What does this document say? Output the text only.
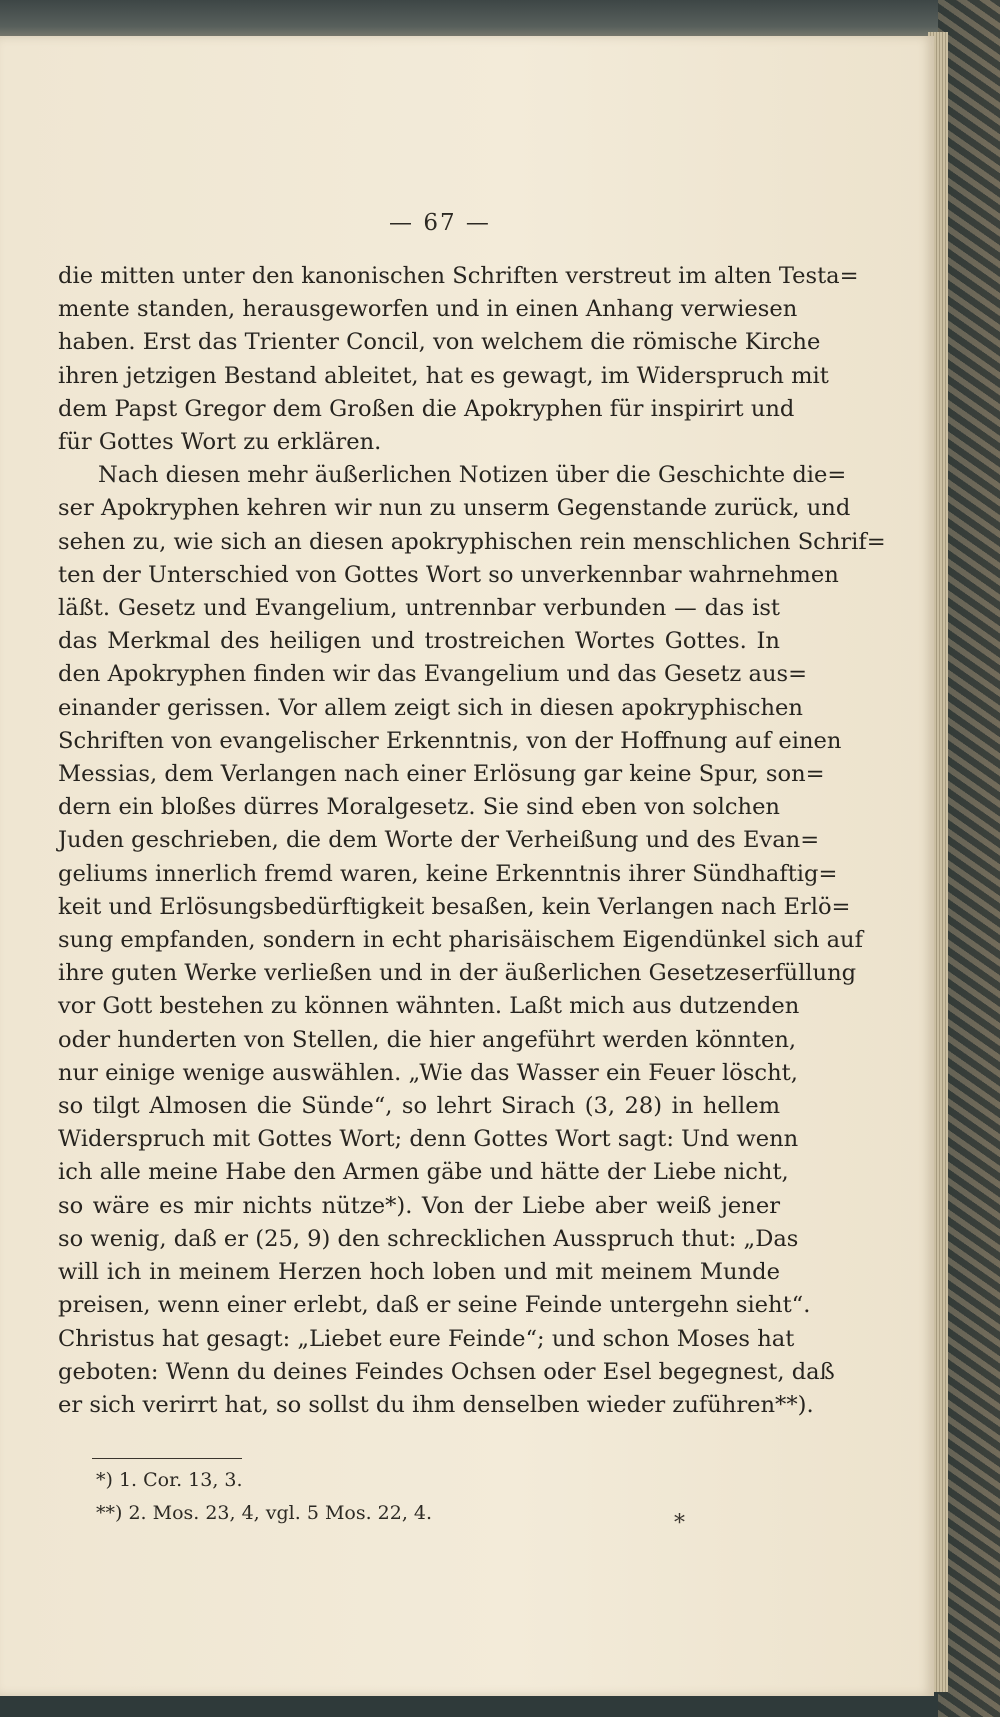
— 67 —
die mitten unter den kanonischen Schriften verstreut im alten Testa=
mente standen, herausgeworfen und in einen Anhang verwiesen
haben. Erst das Trienter Concil, von welchem die römische Kirche
ihren jetzigen Bestand ableitet, hat es gewagt, im Widerspruch mit
dem Papst Gregor dem Großen die Apokryphen für inspirirt und
für Gottes Wort zu erklären.
Nach diesen mehr äußerlichen Notizen über die Geschichte die=
ser Apokryphen kehren wir nun zu unserm Gegenstande zurück, und
sehen zu, wie sich an diesen apokryphischen rein menschlichen Schrif=
ten der Unterschied von Gottes Wort so unverkennbar wahrnehmen
läßt. Gesetz und Evangelium, untrennbar verbunden — das ist
das Merkmal des heiligen und trostreichen Wortes Gottes. In
den Apokryphen finden wir das Evangelium und das Gesetz aus=
einander gerissen. Vor allem zeigt sich in diesen apokryphischen
Schriften von evangelischer Erkenntnis, von der Hoffnung auf einen
Messias, dem Verlangen nach einer Erlösung gar keine Spur, son=
dern ein bloßes dürres Moralgesetz. Sie sind eben von solchen
Juden geschrieben, die dem Worte der Verheißung und des Evan=
geliums innerlich fremd waren, keine Erkenntnis ihrer Sündhaftig=
keit und Erlösungsbedürftigkeit besaßen, kein Verlangen nach Erlö=
sung empfanden, sondern in echt pharisäischem Eigendünkel sich auf
ihre guten Werke verließen und in der äußerlichen Gesetzeserfüllung
vor Gott bestehen zu können wähnten. Laßt mich aus dutzenden
oder hunderten von Stellen, die hier angeführt werden könnten,
nur einige wenige auswählen. „Wie das Wasser ein Feuer löscht,
so tilgt Almosen die Sünde“, so lehrt Sirach (3, 28) in hellem
Widerspruch mit Gottes Wort; denn Gottes Wort sagt: Und wenn
ich alle meine Habe den Armen gäbe und hätte der Liebe nicht,
so wäre es mir nichts nütze*). Von der Liebe aber weiß jener
so wenig, daß er (25, 9) den schrecklichen Ausspruch thut: „Das
will ich in meinem Herzen hoch loben und mit meinem Munde
preisen, wenn einer erlebt, daß er seine Feinde untergehn sieht“.
Christus hat gesagt: „Liebet eure Feinde“; und schon Moses hat
geboten: Wenn du deines Feindes Ochsen oder Esel begegnest, daß
er sich verirrt hat, so sollst du ihm denselben wieder zuführen**).
*) 1. Cor. 13, 3.
**) 2. Mos. 23, 4, vgl. 5 Mos. 22, 4.	*
